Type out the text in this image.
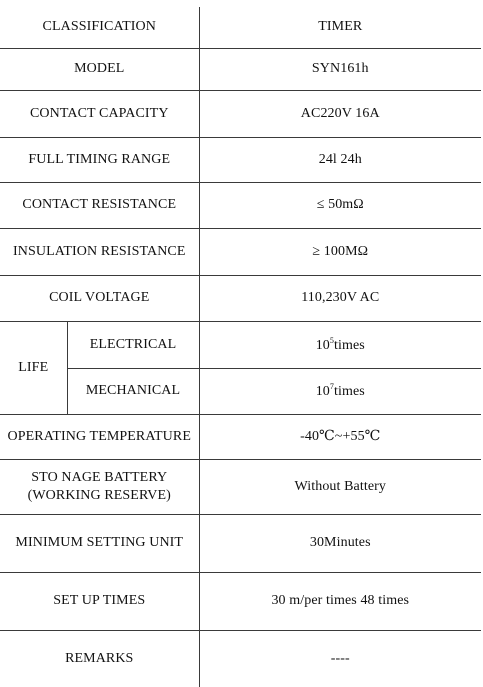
CLASSIFICATION		TIMER
MODEL		SYN161h
CONTACT CAPACITY		AC220V 16A
FULL TIMING RANGE		24l 24h
CONTACT RESISTANCE		≤ 50mΩ
INSULATION RESISTANCE		≥ 100MΩ
COIL VOLTAGE		110,230V AC
LIFE	ELECTRICAL	$10^5times$
	MECHANICAL	$10^7times$
OPERATING TEMPERATURE		-40℃~+55℃

STO NAGE BATTERY
(WORKING RESERVE)		Without Battery
MINIMUM SETTING UNIT		30Minutes
SET UP TIMES		30 m/per times 48 times
REMARKS		----
